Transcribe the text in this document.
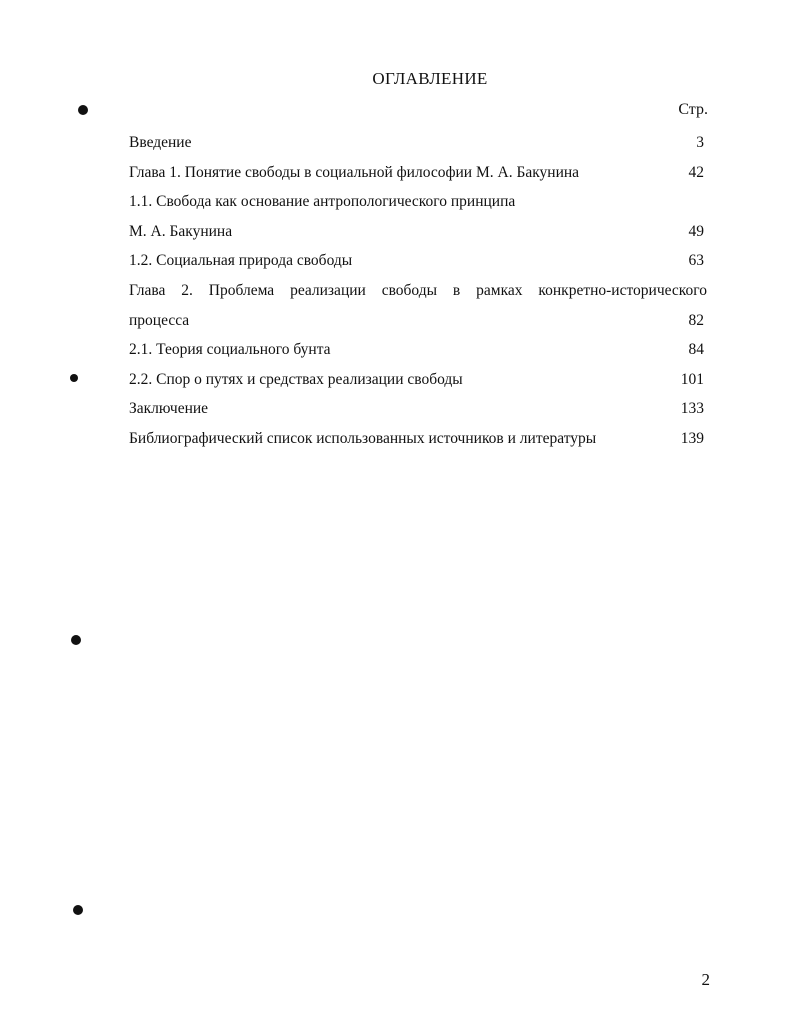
ОГЛАВЛЕНИЕ
Стр.
Введение	3
Глава 1. Понятие свободы в социальной философии М. А. Бакунина	42
1.1. Свобода как основание антропологического принципа
М. А. Бакунина	49
1.2. Социальная природа свободы	63
Глава 2. Проблема реализации свободы в рамках конкретно-исторического
процесса	82
2.1. Теория социального бунта	84
2.2. Спор о путях и средствах реализации свободы	101
Заключение	133
Библиографический список использованных источников и литературы	139
2
